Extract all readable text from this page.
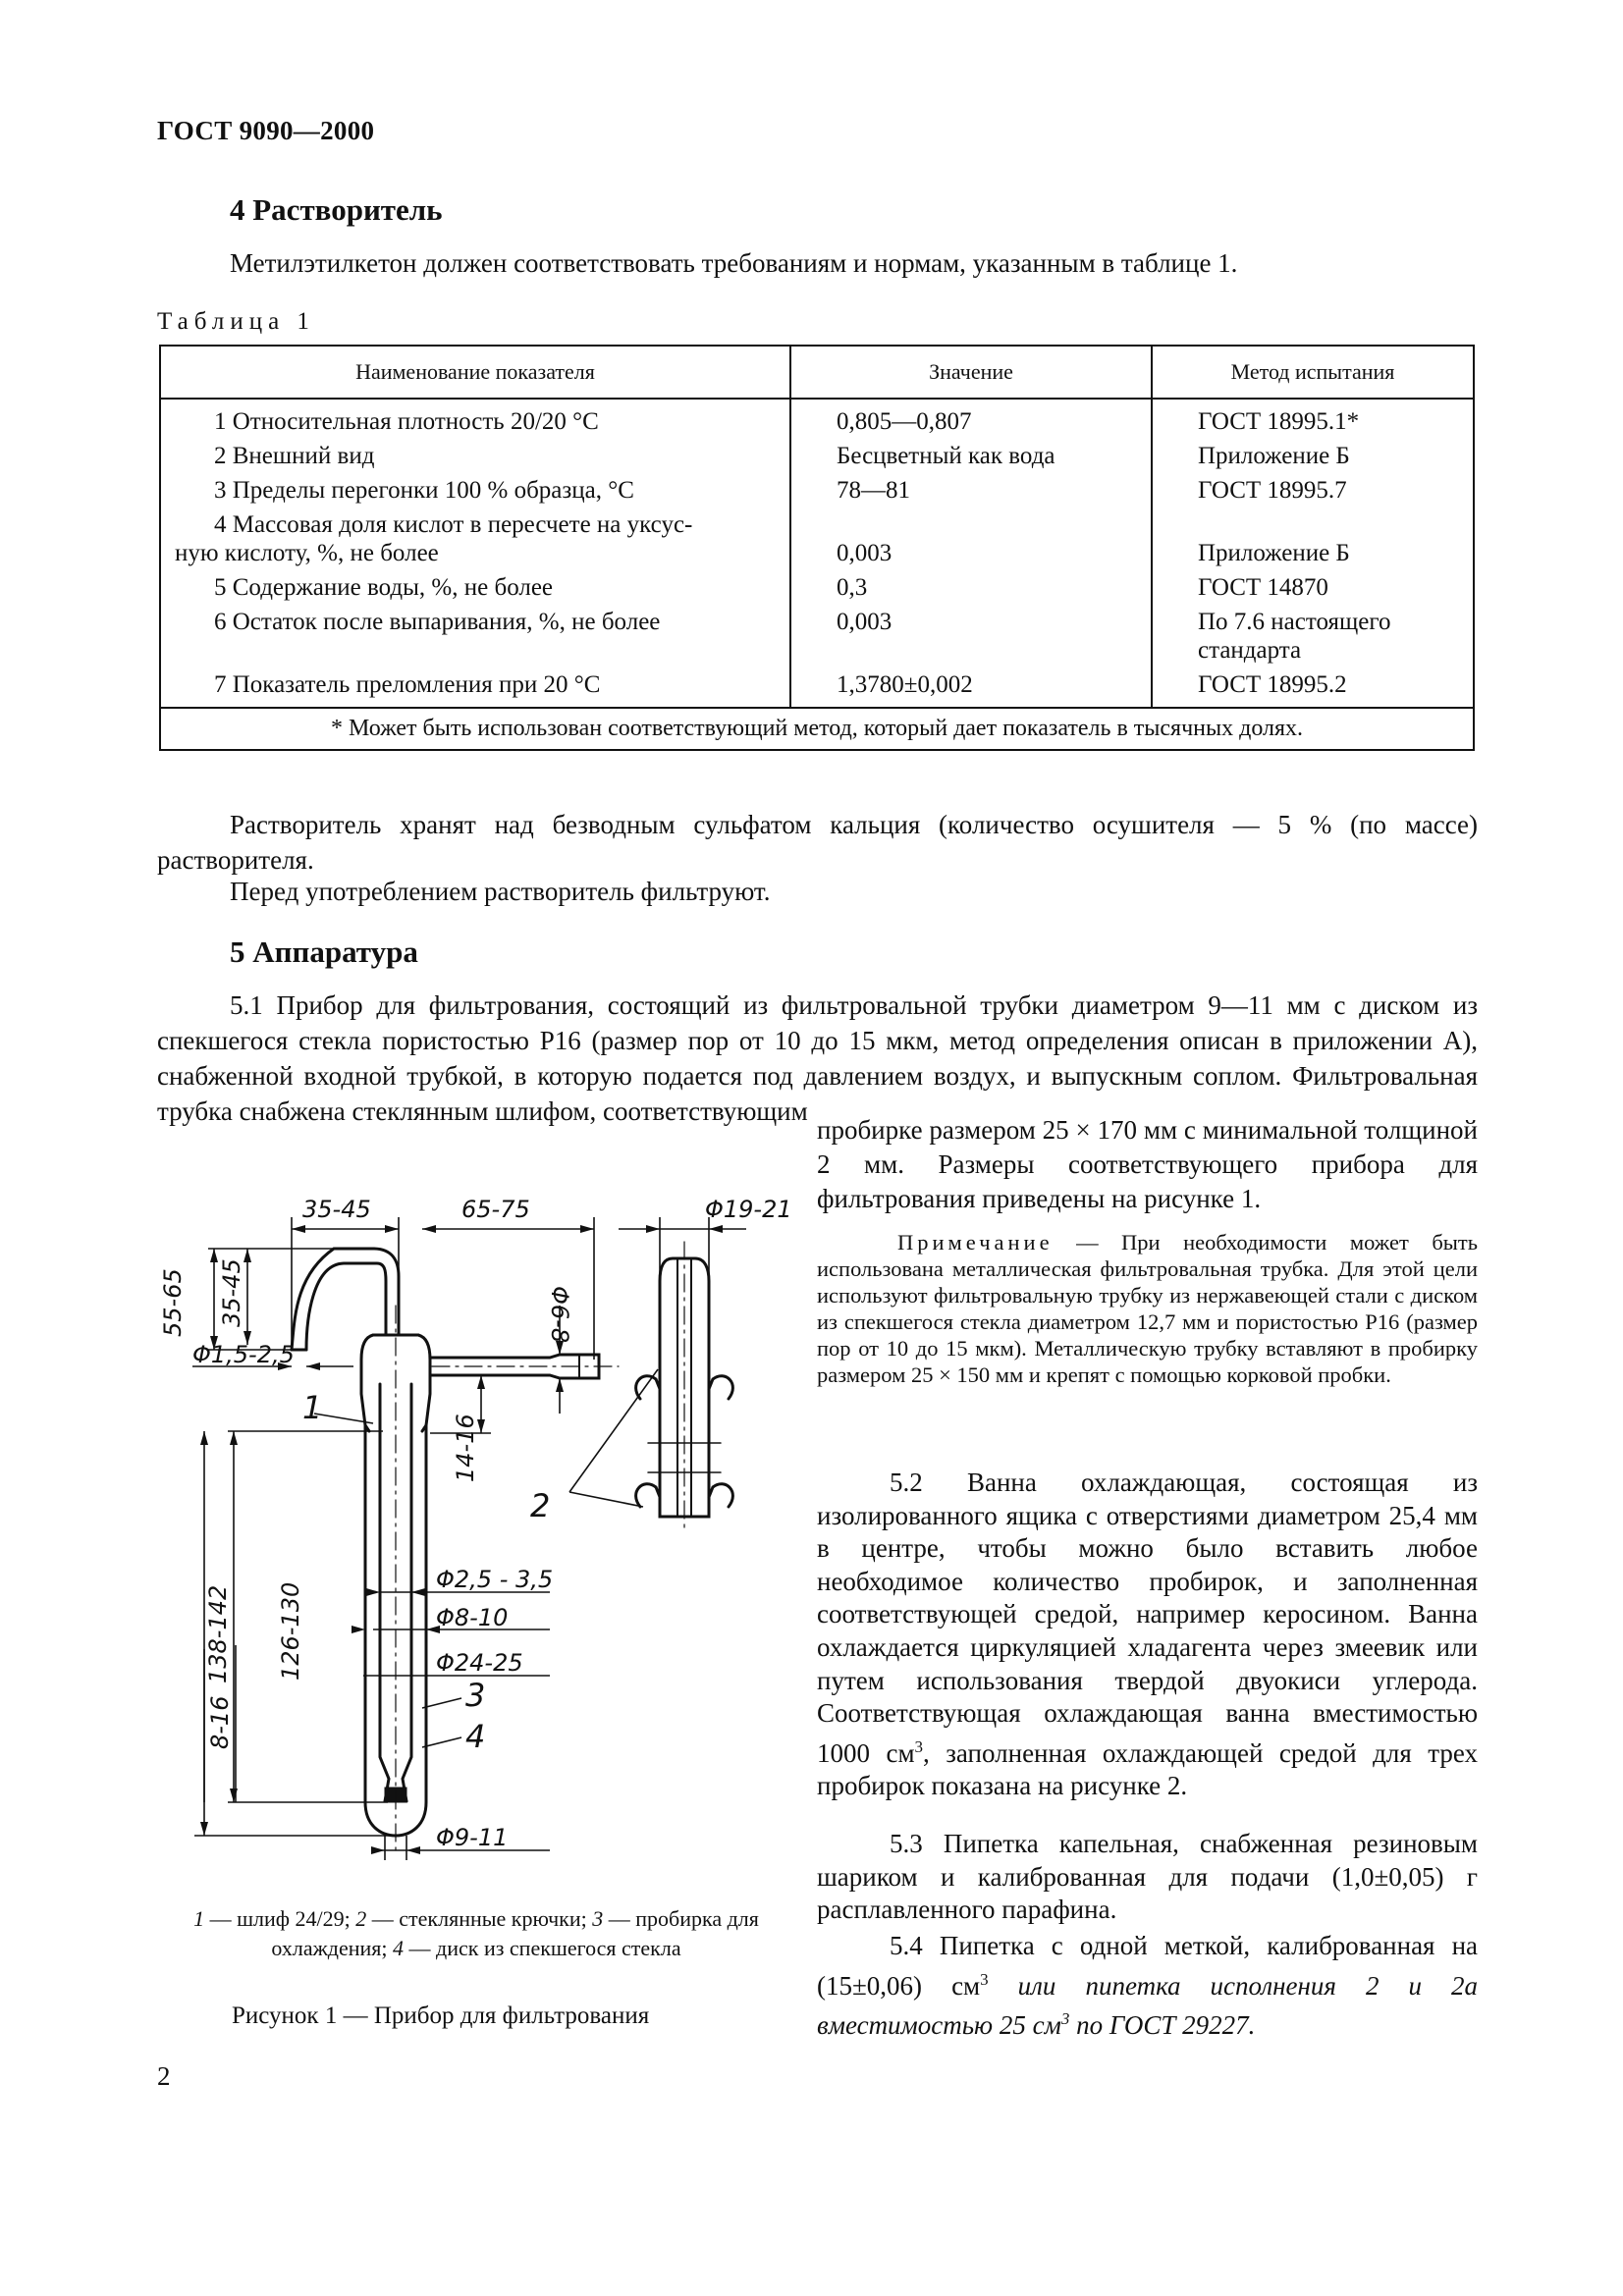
ГОСТ 9090—2000
4 Растворитель
Метилэтилкетон должен соответствовать требованиям и нормам, указанным в таблице 1.
Таблица 1
Наименование показателя	Значение	Метод испытания
1 Относительная плотность 20/20 °С	0,805—0,807	ГОСТ 18995.1*
2 Внешний вид	Бесцветный как вода	Приложение Б
3 Пределы перегонки 100 % образца, °С	78—81	ГОСТ 18995.7

4 Массовая доля кислот в пересчете на уксус-
ную кислоту, %, не более	0,003	Приложение Б
5 Содержание воды, %, не более	0,3	ГОСТ 14870
6 Остаток после выпаривания, %, не более	0,003	По 7.6 настоящего
стандарта

7 Показатель преломления при 20 °С	1,3780±0,002	ГОСТ 18995.2
* Может быть использован соответствующий метод, который дает показатель в тысячных долях.		
Растворитель хранят над безводным сульфатом кальция (количество осушителя — 5 % (по массе) растворителя.
Перед употреблением растворитель фильтруют.
5 Аппаратура
5.1 Прибор для фильтрования, состоящий из фильтровальной трубки диаметром 9—11 мм с диском из спекшегося стекла пористостью Р16 (размер пор от 10 до 15 мкм, метод определения описан в приложении А), снабженной входной трубкой, в которую подается под давлением воздух, и выпускным соплом. Фильтровальная трубка снабжена стеклянным шлифом, соответствующим
пробирке размером 25 × 170 мм с минимальной толщиной 2 мм. Размеры соответствующего прибора для фильтрования приведены на рисунке 1.
Примечание — При необходимости может быть использована металлическая фильтровальная трубка. Для этой цели используют фильтровальную трубку из нержавеющей стали с диском из спекшегося стекла диаметром 12,7 мм и пористостью Р16 (размер пор от 10 до 15 мкм). Металлическую трубку вставляют в пробирку размером 25 × 150 мм и крепят с помощью корковой пробки.
5.2 Ванна охлаждающая, состоящая из изолированного ящика с отверстиями диаметром 25,4 мм в центре, чтобы можно было вставить любое необходимое количество пробирок, и заполненная соответствующей средой, например керосином. Ванна охлаждается циркуляцией хладагента через змеевик или путем использования твердой двуокиси углерода. Соответствующая охлаждающая ванна вместимостью 1000 $см^3$, заполненная охлаждающей средой для трех пробирок показана на рисунке 2.
5.3 Пипетка капельная, снабженная резиновым шариком и калиброванная для подачи (1,0±0,05) г расплавленного парафина.
5.4 Пипетка с одной меткой, калиброванная на (15±0,06) $см^3$ или пипетка исполнения 2 и 2а вместимостью 25 $см^3$ по ГОСТ 29227.
35-45	65-75	Φ19-21
35-45
55-65	Φ6-8
Φ1,5-2,5
14-16
Φ2,5 - 3,5
Φ8-10
Φ24-25
138-142 126-130
8-16
Φ9-11
1
2
3
4
1 — шлиф 24/29; 2 — стеклянные крючки; 3 — пробирка для охлаждения; 4 — диск из спекшегося стекла
Рисунок 1 — Прибор для фильтрования
2
